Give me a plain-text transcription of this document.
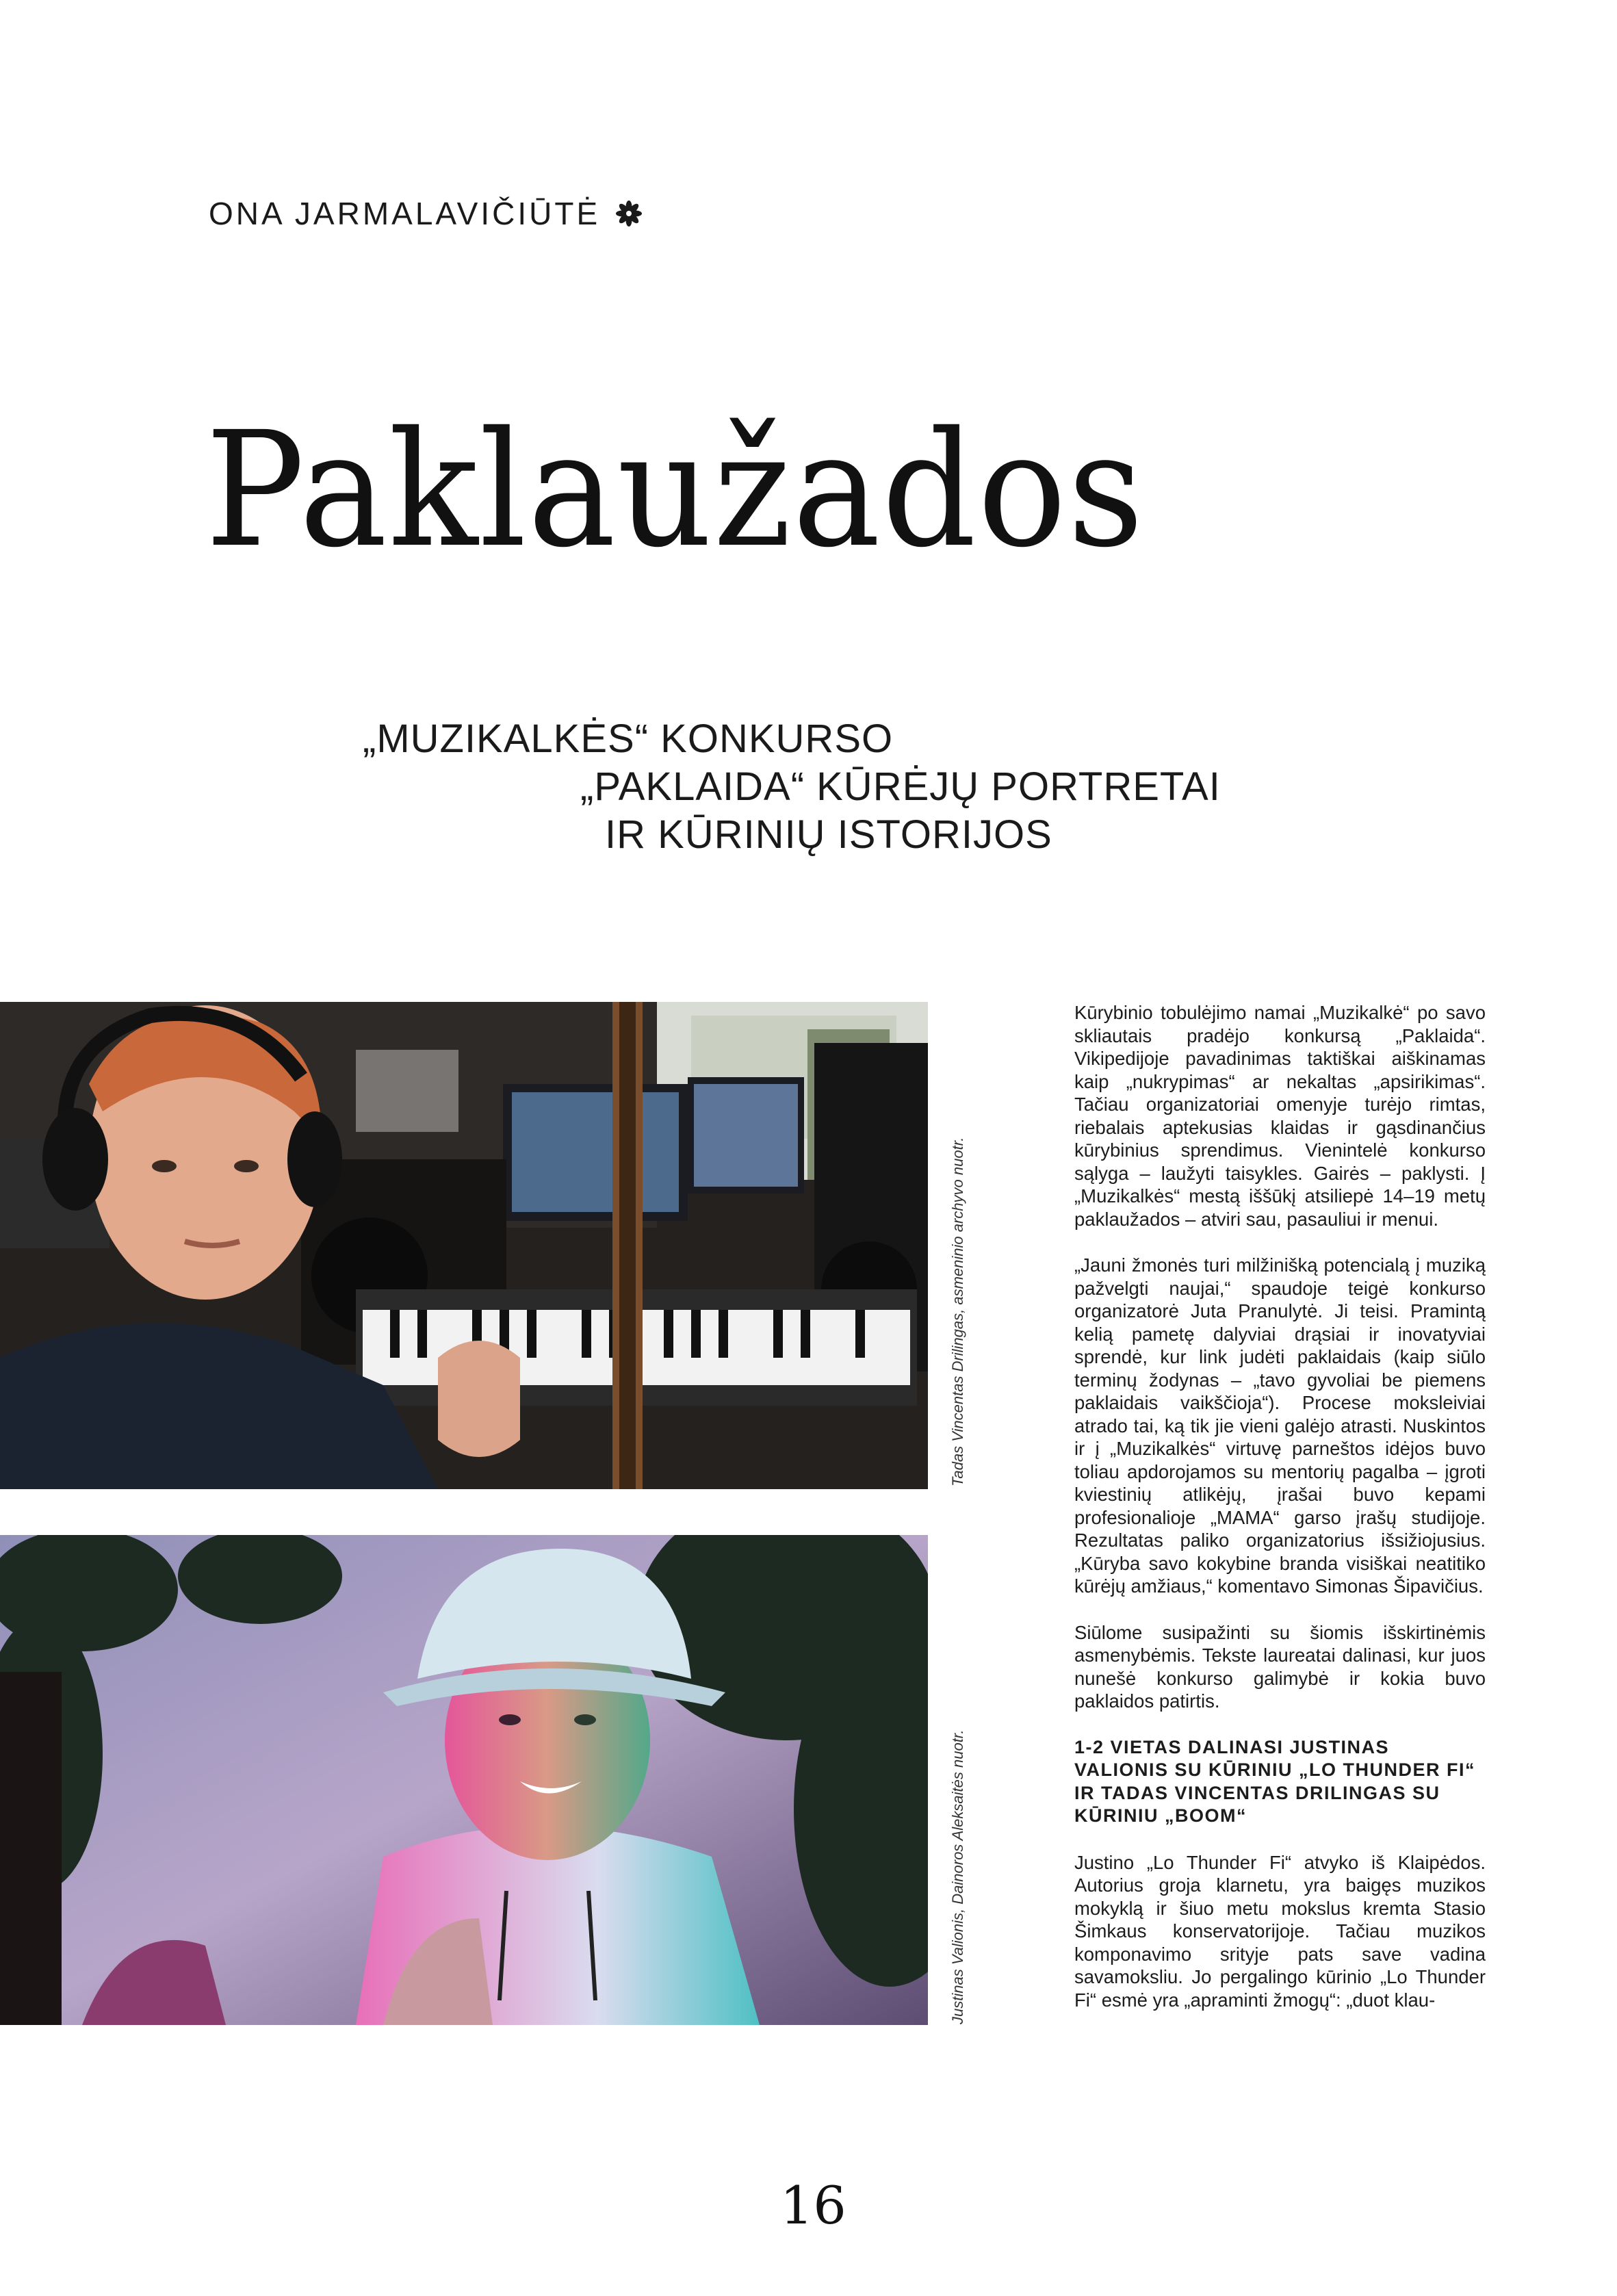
ONA JARMALAVIČIŪTĖ
Paklaužados
„MUZIKALKĖS“ KONKURSO
„PAKLAIDA“ KŪRĖJŲ PORTRETAI
IR KŪRINIŲ ISTORIJOS
Tadas Vincentas Drilingas, asmeninio archyvo nuotr.
Justinas Valionis, Dainoros Aleksaitės nuotr.

Kūrybinio tobulėjimo namai „Muzikalkė“ po savo skliautais pradėjo konkursą „Paklaida“. Vikipedijoje pavadinimas taktiškai aiškinamas kaip „nukrypimas“ ar nekaltas „apsirikimas“. Tačiau organizatoriai omenyje turėjo rimtas, riebalais aptekusias klaidas ir gąsdinančius kūrybinius sprendimus. Vienintelė konkurso sąlyga – laužyti taisykles. Gairės – paklysti. Į „Muzikalkės“ mestą iššūkį atsiliepė 14–19 metų paklaužados – atviri sau, pasauliui ir menui.

„Jauni žmonės turi milžinišką potencialą į muziką pažvelgti naujai,“ spaudoje teigė konkurso organizatorė Juta Pranulytė. Ji teisi. Pramintą kelią pametę dalyviai drąsiai ir inovatyviai sprendė, kur link judėti paklaidais (kaip siūlo terminų žodynas – „tavo gyvoliai be piemens paklaidais vaikščioja“). Procese moksleiviai atrado tai, ką tik jie vieni galėjo atrasti. Nuskintos ir į „Muzikalkės“ virtuvę parneštos idėjos buvo toliau apdorojamos su mentorių pagalba – įgroti kviestinių atlikėjų, įrašai buvo kepami profesionalioje „MAMA“ garso įrašų studijoje. Rezultatas paliko organizatorius išsižiojusius. „Kūryba savo kokybine branda visiškai neatitiko kūrėjų amžiaus,“ komentavo Simonas Šipavičius.

Siūlome susipažinti su šiomis išskirtinėmis asmenybėmis. Tekste laureatai dalinasi, kur juos nunešė konkurso galimybė ir kokia buvo paklaidos patirtis.

1-2 VIETAS DALINASI JUSTINAS VALIONIS SU KŪRINIU „LO THUNDER FI“ IR TADAS VINCENTAS DRILINGAS SU KŪRINIU „BOOM“

Justino „Lo Thunder Fi“ atvyko iš Klaipėdos. Autorius groja klarnetu, yra baigęs muzikos mokyklą ir šiuo metu mokslus kremta Stasio Šimkaus konservatorijoje. Tačiau muzikos komponavimo srityje pats save vadina savamoksliu. Jo pergalingo kūrinio „Lo Thunder Fi“ esmė yra „apraminti žmogų“: „duot klau-

16
